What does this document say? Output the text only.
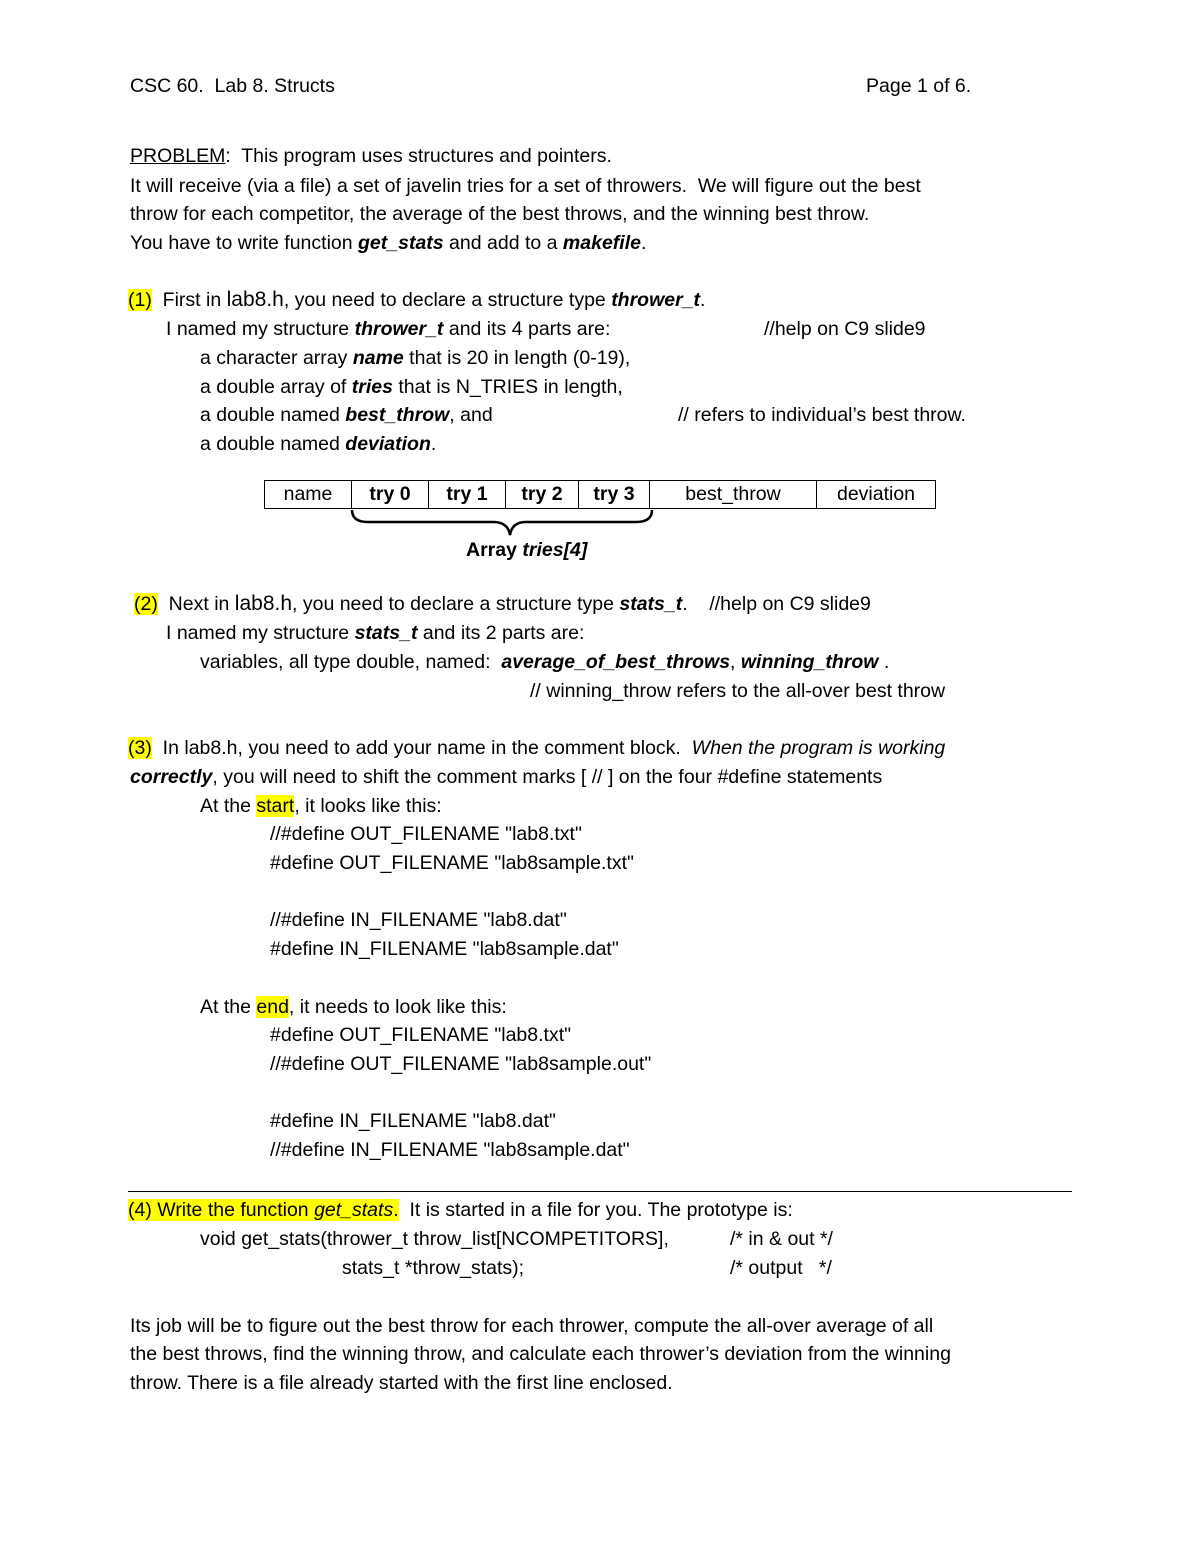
CSC 60.  Lab 8. Structs	Page 1 of 6.
PROBLEM:  This program uses structures and pointers.
It will receive (via a file) a set of javelin tries for a set of throwers.  We will figure out the best
throw for each competitor, the average of the best throws, and the winning best throw.
You have to write function get_stats and add to a makefile.
(1)  First in lab8.h, you need to declare a structure type thrower_t.
I named my structure thrower_t and its 4 parts are:	//help on C9 slide9
a character array name that is 20 in length (0-19),
a double array of tries that is N_TRIES in length,
a double named best_throw, and	// refers to individual’s best throw.
a double named deviation.
name	try 0	try 1	try 2	try 3	best_throw	deviation
Array tries[4]
(2)  Next in lab8.h, you need to declare a structure type stats_t.    //help on C9 slide9
I named my structure stats_t and its 2 parts are:
variables, all type double, named:  average_of_best_throws, winning_throw .
// winning_throw refers to the all-over best throw
(3)  In lab8.h, you need to add your name in the comment block.  When the program is working
correctly, you will need to shift the comment marks [ // ] on the four #define statements
At the start, it looks like this:
//#define OUT_FILENAME "lab8.txt"
#define OUT_FILENAME "lab8sample.txt"
//#define IN_FILENAME "lab8.dat"
#define IN_FILENAME "lab8sample.dat"
At the end, it needs to look like this:
#define OUT_FILENAME "lab8.txt"
//#define OUT_FILENAME "lab8sample.out"
#define IN_FILENAME "lab8.dat"
//#define IN_FILENAME "lab8sample.dat"
(4) Write the function get_stats.  It is started in a file for you. The prototype is:
void get_stats(thrower_t throw_list[NCOMPETITORS],	/* in & out */
stats_t *throw_stats);	/* output   */
Its job will be to figure out the best throw for each thrower, compute the all-over average of all
the best throws, find the winning throw, and calculate each thrower’s deviation from the winning
throw. There is a file already started with the first line enclosed.
